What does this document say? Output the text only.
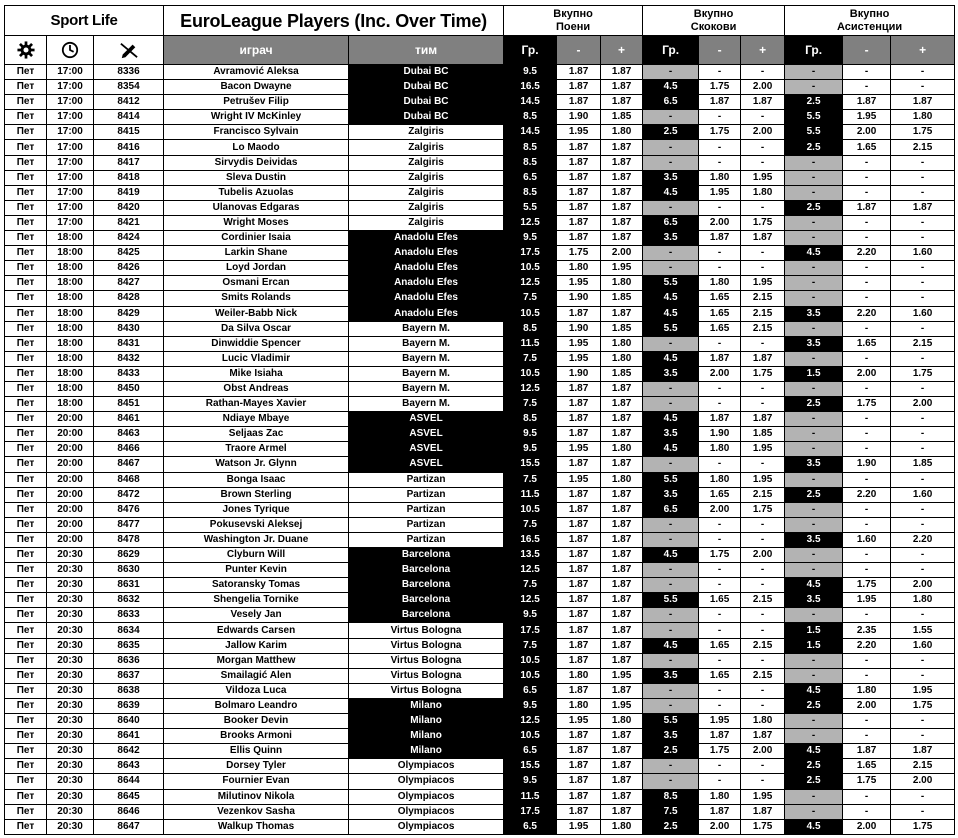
Sport Life			EuroLeague Players (Inc. Over Time)		Вкупно
Поени			Вкупно
Скокови			Вкупно
Асистенции		

	играч	тим	Гр.	-	+	Гр.	-	+	Гр.	-	+
Пет	17:00	8336	Avramović Aleksa	Dubai BC	9.5	1.87	1.87	-	-	-	-	-	-
Пет	17:00	8354	Bacon Dwayne	Dubai BC	16.5	1.87	1.87	4.5	1.75	2.00	-	-	-
Пет	17:00	8412	Petrušev Filip	Dubai BC	14.5	1.87	1.87	6.5	1.87	1.87	2.5	1.87	1.87
Пет	17:00	8414	Wright IV McKinley	Dubai BC	8.5	1.90	1.85	-	-	-	5.5	1.95	1.80
Пет	17:00	8415	Francisco Sylvain	Zalgiris	14.5	1.95	1.80	2.5	1.75	2.00	5.5	2.00	1.75
Пет	17:00	8416	Lo Maodo	Zalgiris	8.5	1.87	1.87	-	-	-	2.5	1.65	2.15
Пет	17:00	8417	Sirvydis Deividas	Zalgiris	8.5	1.87	1.87	-	-	-	-	-	-
Пет	17:00	8418	Sleva Dustin	Zalgiris	6.5	1.87	1.87	3.5	1.80	1.95	-	-	-
Пет	17:00	8419	Tubelis Azuolas	Zalgiris	8.5	1.87	1.87	4.5	1.95	1.80	-	-	-
Пет	17:00	8420	Ulanovas Edgaras	Zalgiris	5.5	1.87	1.87	-	-	-	2.5	1.87	1.87
Пет	17:00	8421	Wright Moses	Zalgiris	12.5	1.87	1.87	6.5	2.00	1.75	-	-	-
Пет	18:00	8424	Cordinier Isaia	Anadolu Efes	9.5	1.87	1.87	3.5	1.87	1.87	-	-	-
Пет	18:00	8425	Larkin Shane	Anadolu Efes	17.5	1.75	2.00	-	-	-	4.5	2.20	1.60
Пет	18:00	8426	Loyd Jordan	Anadolu Efes	10.5	1.80	1.95	-	-	-	-	-	-
Пет	18:00	8427	Osmani Ercan	Anadolu Efes	12.5	1.95	1.80	5.5	1.80	1.95	-	-	-
Пет	18:00	8428	Smits Rolands	Anadolu Efes	7.5	1.90	1.85	4.5	1.65	2.15	-	-	-
Пет	18:00	8429	Weiler-Babb Nick	Anadolu Efes	10.5	1.87	1.87	4.5	1.65	2.15	3.5	2.20	1.60
Пет	18:00	8430	Da Silva Oscar	Bayern M.	8.5	1.90	1.85	5.5	1.65	2.15	-	-	-
Пет	18:00	8431	Dinwiddie Spencer	Bayern M.	11.5	1.95	1.80	-	-	-	3.5	1.65	2.15
Пет	18:00	8432	Lucic Vladimir	Bayern M.	7.5	1.95	1.80	4.5	1.87	1.87	-	-	-
Пет	18:00	8433	Mike Isiaha	Bayern M.	10.5	1.90	1.85	3.5	2.00	1.75	1.5	2.00	1.75
Пет	18:00	8450	Obst Andreas	Bayern M.	12.5	1.87	1.87	-	-	-	-	-	-
Пет	18:00	8451	Rathan-Mayes Xavier	Bayern M.	7.5	1.87	1.87	-	-	-	2.5	1.75	2.00
Пет	20:00	8461	Ndiaye Mbaye	ASVEL	8.5	1.87	1.87	4.5	1.87	1.87	-	-	-
Пет	20:00	8463	Seljaas Zac	ASVEL	9.5	1.87	1.87	3.5	1.90	1.85	-	-	-
Пет	20:00	8466	Traore Armel	ASVEL	9.5	1.95	1.80	4.5	1.80	1.95	-	-	-
Пет	20:00	8467	Watson Jr. Glynn	ASVEL	15.5	1.87	1.87	-	-	-	3.5	1.90	1.85
Пет	20:00	8468	Bonga Isaac	Partizan	7.5	1.95	1.80	5.5	1.80	1.95	-	-	-
Пет	20:00	8472	Brown Sterling	Partizan	11.5	1.87	1.87	3.5	1.65	2.15	2.5	2.20	1.60
Пет	20:00	8476	Jones Tyrique	Partizan	10.5	1.87	1.87	6.5	2.00	1.75	-	-	-
Пет	20:00	8477	Pokusevski Aleksej	Partizan	7.5	1.87	1.87	-	-	-	-	-	-
Пет	20:00	8478	Washington Jr. Duane	Partizan	16.5	1.87	1.87	-	-	-	3.5	1.60	2.20
Пет	20:30	8629	Clyburn Will	Barcelona	13.5	1.87	1.87	4.5	1.75	2.00	-	-	-
Пет	20:30	8630	Punter Kevin	Barcelona	12.5	1.87	1.87	-	-	-	-	-	-
Пет	20:30	8631	Satoransky Tomas	Barcelona	7.5	1.87	1.87	-	-	-	4.5	1.75	2.00
Пет	20:30	8632	Shengelia Tornike	Barcelona	12.5	1.87	1.87	5.5	1.65	2.15	3.5	1.95	1.80
Пет	20:30	8633	Vesely Jan	Barcelona	9.5	1.87	1.87	-	-	-	-	-	-
Пет	20:30	8634	Edwards Carsen	Virtus Bologna	17.5	1.87	1.87	-	-	-	1.5	2.35	1.55
Пет	20:30	8635	Jallow Karim	Virtus Bologna	7.5	1.87	1.87	4.5	1.65	2.15	1.5	2.20	1.60
Пет	20:30	8636	Morgan Matthew	Virtus Bologna	10.5	1.87	1.87	-	-	-	-	-	-
Пет	20:30	8637	Smailagić Alen	Virtus Bologna	10.5	1.80	1.95	3.5	1.65	2.15	-	-	-
Пет	20:30	8638	Vildoza Luca	Virtus Bologna	6.5	1.87	1.87	-	-	-	4.5	1.80	1.95
Пет	20:30	8639	Bolmaro Leandro	Milano	9.5	1.80	1.95	-	-	-	2.5	2.00	1.75
Пет	20:30	8640	Booker Devin	Milano	12.5	1.95	1.80	5.5	1.95	1.80	-	-	-
Пет	20:30	8641	Brooks Armoni	Milano	10.5	1.87	1.87	3.5	1.87	1.87	-	-	-
Пет	20:30	8642	Ellis Quinn	Milano	6.5	1.87	1.87	2.5	1.75	2.00	4.5	1.87	1.87
Пет	20:30	8643	Dorsey Tyler	Olympiacos	15.5	1.87	1.87	-	-	-	2.5	1.65	2.15
Пет	20:30	8644	Fournier Evan	Olympiacos	9.5	1.87	1.87	-	-	-	2.5	1.75	2.00
Пет	20:30	8645	Milutinov Nikola	Olympiacos	11.5	1.87	1.87	8.5	1.80	1.95	-	-	-
Пет	20:30	8646	Vezenkov Sasha	Olympiacos	17.5	1.87	1.87	7.5	1.87	1.87	-	-	-
Пет	20:30	8647	Walkup Thomas	Olympiacos	6.5	1.95	1.80	2.5	2.00	1.75	4.5	2.00	1.75
